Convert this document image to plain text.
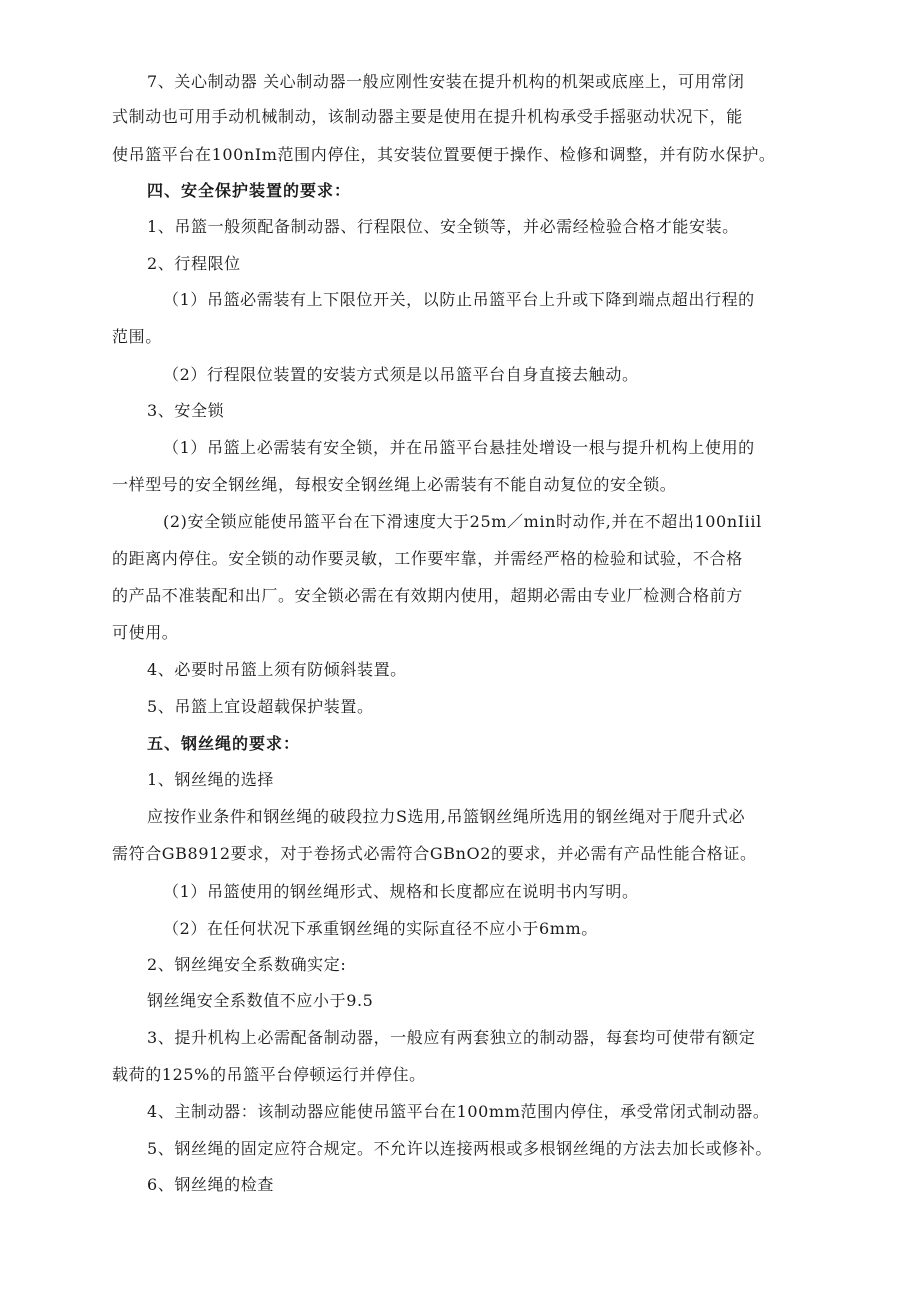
7、关心制动器 关心制动器一般应刚性安装在提升机构的机架或底座上，可用常闭
式制动也可用手动机械制动，该制动器主要是使用在提升机构承受手摇驱动状况下，能
使吊篮平台在100nIm范围内停住，其安装位置要便于操作、检修和调整，并有防水保护。
四、安全保护装置的要求：
1、吊篮一般须配备制动器、行程限位、安全锁等，并必需经检验合格才能安装。
2、行程限位
（1）吊篮必需装有上下限位开关，以防止吊篮平台上升或下降到端点超出行程的
范围。
（2）行程限位装置的安装方式须是以吊篮平台自身直接去触动。
3、安全锁
（1）吊篮上必需装有安全锁，并在吊篮平台悬挂处增设一根与提升机构上使用的
一样型号的安全钢丝绳，每根安全钢丝绳上必需装有不能自动复位的安全锁。
(2)安全锁应能使吊篮平台在下滑速度大于25m／min时动作,并在不超出100nIiil
的距离内停住。安全锁的动作要灵敏，工作要牢靠，并需经严格的检验和试验，不合格
的产品不准装配和出厂。安全锁必需在有效期内使用，超期必需由专业厂检测合格前方
可使用。
4、必要时吊篮上须有防倾斜装置。
5、吊篮上宜设超载保护装置。
五、钢丝绳的要求：
1、钢丝绳的选择
应按作业条件和钢丝绳的破段拉力S选用,吊篮钢丝绳所选用的钢丝绳对于爬升式必
需符合GB8912要求，对于卷扬式必需符合GBnO2的要求，并必需有产品性能合格证。
（1）吊篮使用的钢丝绳形式、规格和长度都应在说明书内写明。
（2）在任何状况下承重钢丝绳的实际直径不应小于6mm。
2、钢丝绳安全系数确实定:
钢丝绳安全系数值不应小于9.5
3、提升机构上必需配备制动器，一般应有两套独立的制动器，每套均可使带有额定
载荷的125%的吊篮平台停顿运行并停住。
4、主制动器：该制动器应能使吊篮平台在100mm范围内停住，承受常闭式制动器。
5、钢丝绳的固定应符合规定。不允许以连接两根或多根钢丝绳的方法去加长或修补。
6、钢丝绳的检查
